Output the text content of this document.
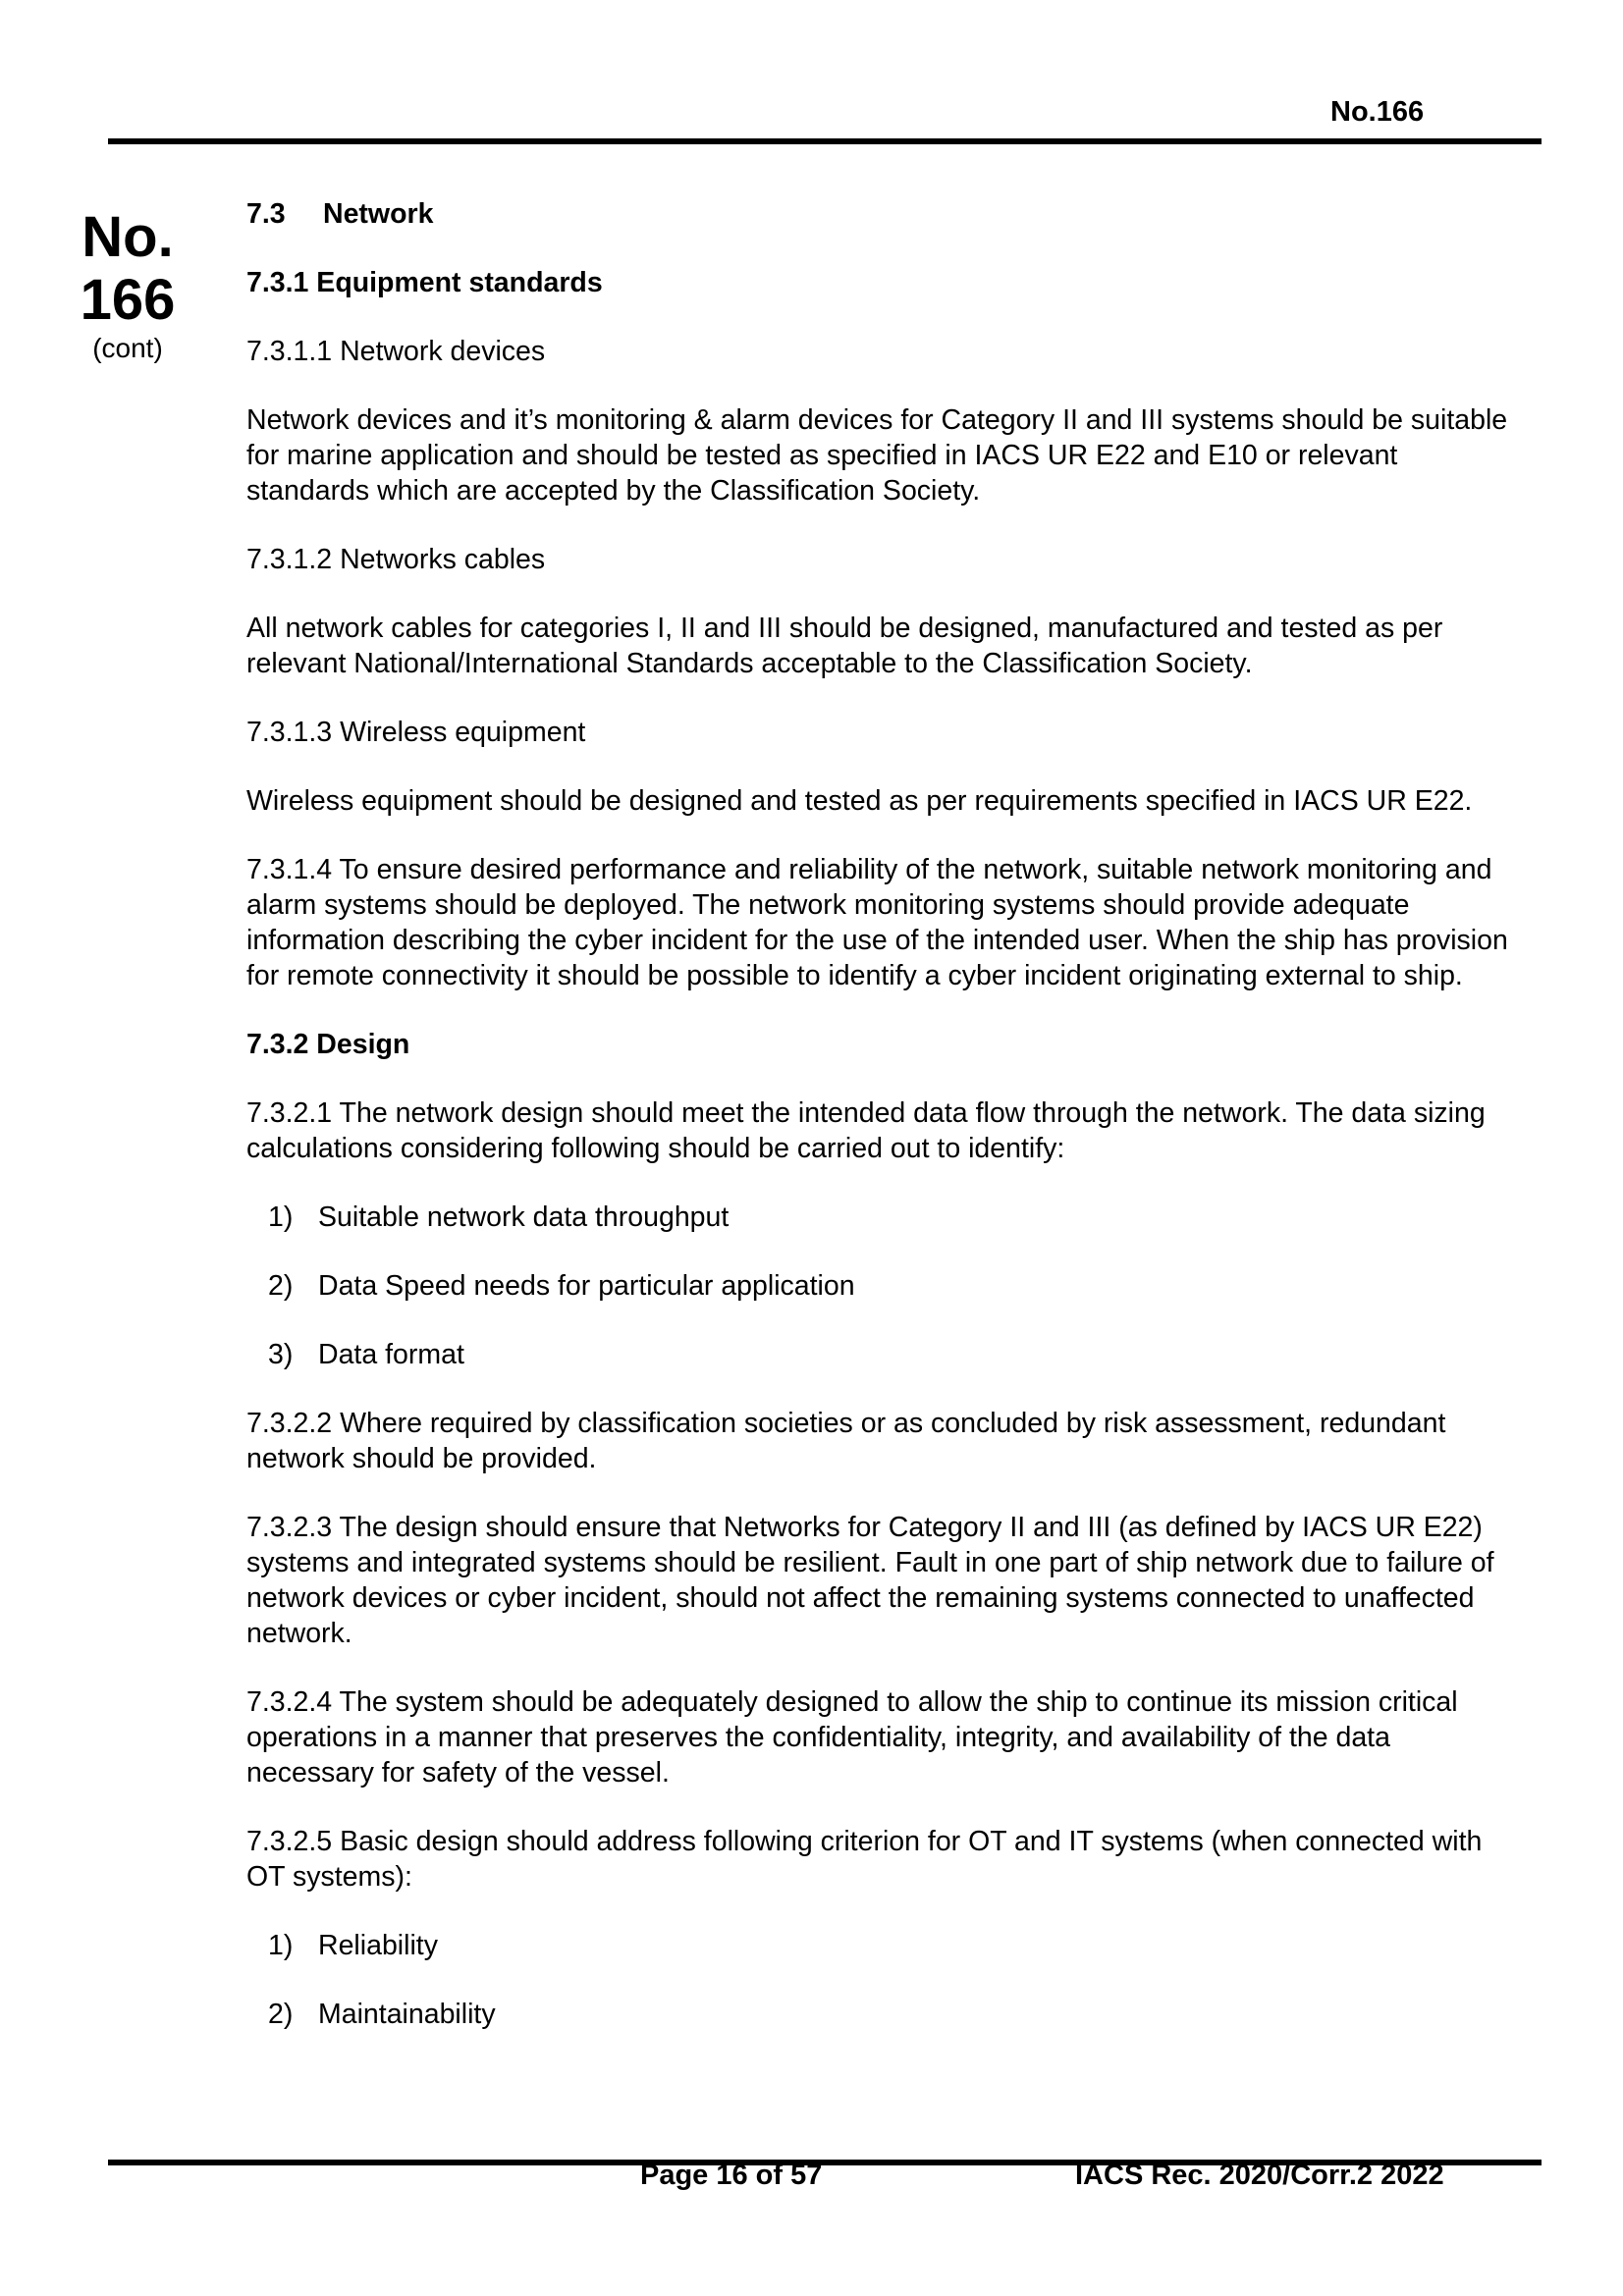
No.166
No.
166
(cont)

7.3 Network

7.3.1 Equipment standards

7.3.1.1 Network devices

Network devices and it’s monitoring & alarm devices for Category II and III systems should be suitable for marine application and should be tested as specified in IACS UR E22 and E10 or relevant standards which are accepted by the Classification Society.

7.3.1.2 Networks cables

All network cables for categories I, II and III should be designed, manufactured and tested as per relevant National/International Standards acceptable to the Classification Society.

7.3.1.3 Wireless equipment

Wireless equipment should be designed and tested as per requirements specified in IACS UR E22.

7.3.1.4 To ensure desired performance and reliability of the network, suitable network monitoring and alarm systems should be deployed. The network monitoring systems should provide adequate information describing the cyber incident for the use of the intended user. When the ship has provision for remote connectivity it should be possible to identify a cyber incident originating external to ship.

7.3.2 Design

7.3.2.1 The network design should meet the intended data flow through the network. The data sizing calculations considering following should be carried out to identify:

1) Suitable network data throughput
2) Data Speed needs for particular application
3) Data format

7.3.2.2 Where required by classification societies or as concluded by risk assessment, redundant network should be provided.

7.3.2.3 The design should ensure that Networks for Category II and III (as defined by IACS UR E22) systems and integrated systems should be resilient. Fault in one part of ship network due to failure of network devices or cyber incident, should not affect the remaining systems connected to unaffected network.

7.3.2.4 The system should be adequately designed to allow the ship to continue its mission critical operations in a manner that preserves the confidentiality, integrity, and availability of the data necessary for safety of the vessel.

7.3.2.5 Basic design should address following criterion for OT and IT systems (when connected with OT systems):

1) Reliability
2) Maintainability
Page 16 of 57	IACS Rec. 2020/Corr.2 2022
